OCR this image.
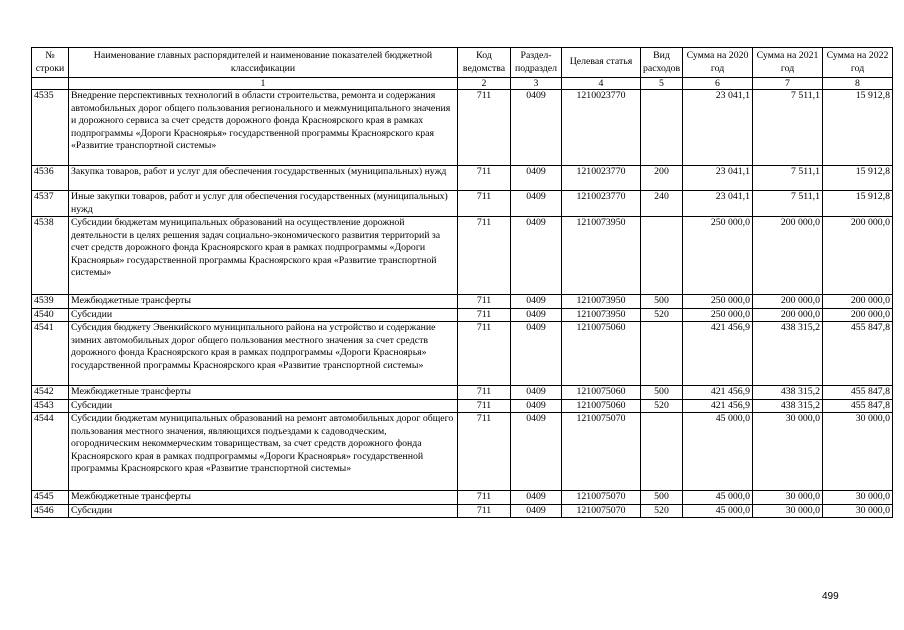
№ строки	Наименование главных распорядителей и наименование показателей бюджетной классификации	Код ведомства	Раздел- подраздел	Целевая статья	Вид расходов	Сумма на 2020 год	Сумма на 2021 год	Сумма на 2022 год
	1	2	3	4	5	6	7	8
4535	Внедрение перспективных технологий в области строительства, ремонта и содержания автомобильных дорог общего пользования регионального и межмуниципального значения и дорожного сервиса за счет средств дорожного фонда Красноярского края в рамках подпрограммы «Дороги Красноярья» государственной программы Красноярского края «Развитие транспортной системы»	711	0409	1210023770		23 041,1	7 511,1	15 912,8
4536	Закупка товаров, работ и услуг для обеспечения государственных (муниципальных) нужд	711	0409	1210023770	200	23 041,1	7 511,1	15 912,8
4537	Иные закупки товаров, работ и услуг для обеспечения государственных (муниципальных) нужд	711	0409	1210023770	240	23 041,1	7 511,1	15 912,8
4538	Субсидии бюджетам муниципальных образований на осуществление дорожной деятельности в целях решения задач социально-экономического развития территорий за счет средств дорожного фонда Красноярского края в рамках подпрограммы «Дороги Красноярья» государственной программы Красноярского края «Развитие транспортной системы»	711	0409	1210073950		250 000,0	200 000,0	200 000,0
4539	Межбюджетные трансферты	711	0409	1210073950	500	250 000,0	200 000,0	200 000,0
4540	Субсидии	711	0409	1210073950	520	250 000,0	200 000,0	200 000,0
4541	Субсидия бюджету Эвенкийского муниципального района на устройство и содержание зимних автомобильных дорог общего пользования местного значения за счет средств дорожного фонда Красноярского края в рамках подпрограммы «Дороги Красноярья» государственной программы Красноярского края «Развитие транспортной системы»	711	0409	1210075060		421 456,9	438 315,2	455 847,8
4542	Межбюджетные трансферты	711	0409	1210075060	500	421 456,9	438 315,2	455 847,8
4543	Субсидии	711	0409	1210075060	520	421 456,9	438 315,2	455 847,8
4544	Субсидии бюджетам муниципальных образований на ремонт автомобильных дорог общего пользования местного значения, являющихся подъездами к садоводческим, огородническим некоммерческим товариществам, за счет средств дорожного фонда Красноярского края в рамках подпрограммы «Дороги Красноярья» государственной программы Красноярского края «Развитие транспортной системы»	711	0409	1210075070		45 000,0	30 000,0	30 000,0
4545	Межбюджетные трансферты	711	0409	1210075070	500	45 000,0	30 000,0	30 000,0
4546	Субсидии	711	0409	1210075070	520	45 000,0	30 000,0	30 000,0
499
